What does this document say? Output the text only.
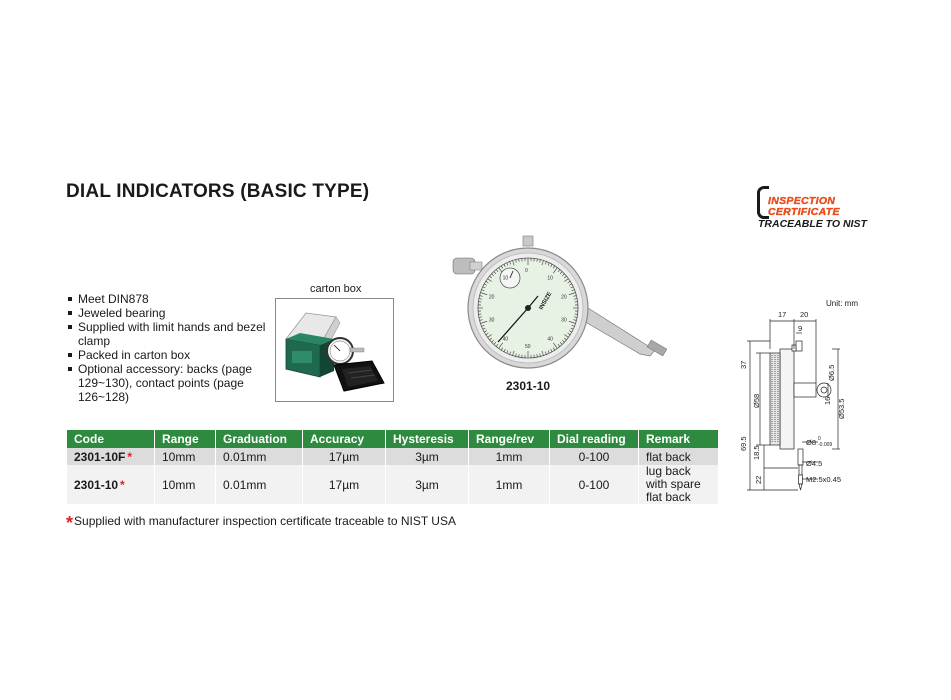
DIAL INDICATORS (BASIC TYPE)	INSPECTION
CERTIFICATE
TRACEABLE TO NIST
Meet DIN878
Jeweled bearing
Supplied with limit hands and bezel clamp
Packed in carton box
Optional accessory: backs (page 129~130), contact points (page 126~128)
carton box
INSIZE
0
10
20
30
40
50
40
30
20
10
2301-10
Code	Range	Graduation	Accuracy	Hysteresis	Range/rev	Dial reading	Remark
2301-10F *	10mm	0.01mm	17µm	3µm	1mm	0-100	flat back
2301-10 *	10mm	0.01mm	17µm	3µm	1mm	0-100	lug back with spare flat back
*Supplied with manufacturer inspection certificate traceable to NIST USA
Unit: mm
17 20
9
37
Ø58
Ø6.5
16 Ø53.5
69.5
18.5
Ø8 0
-0.009
Ø4.5
22	M2.5x0.45
